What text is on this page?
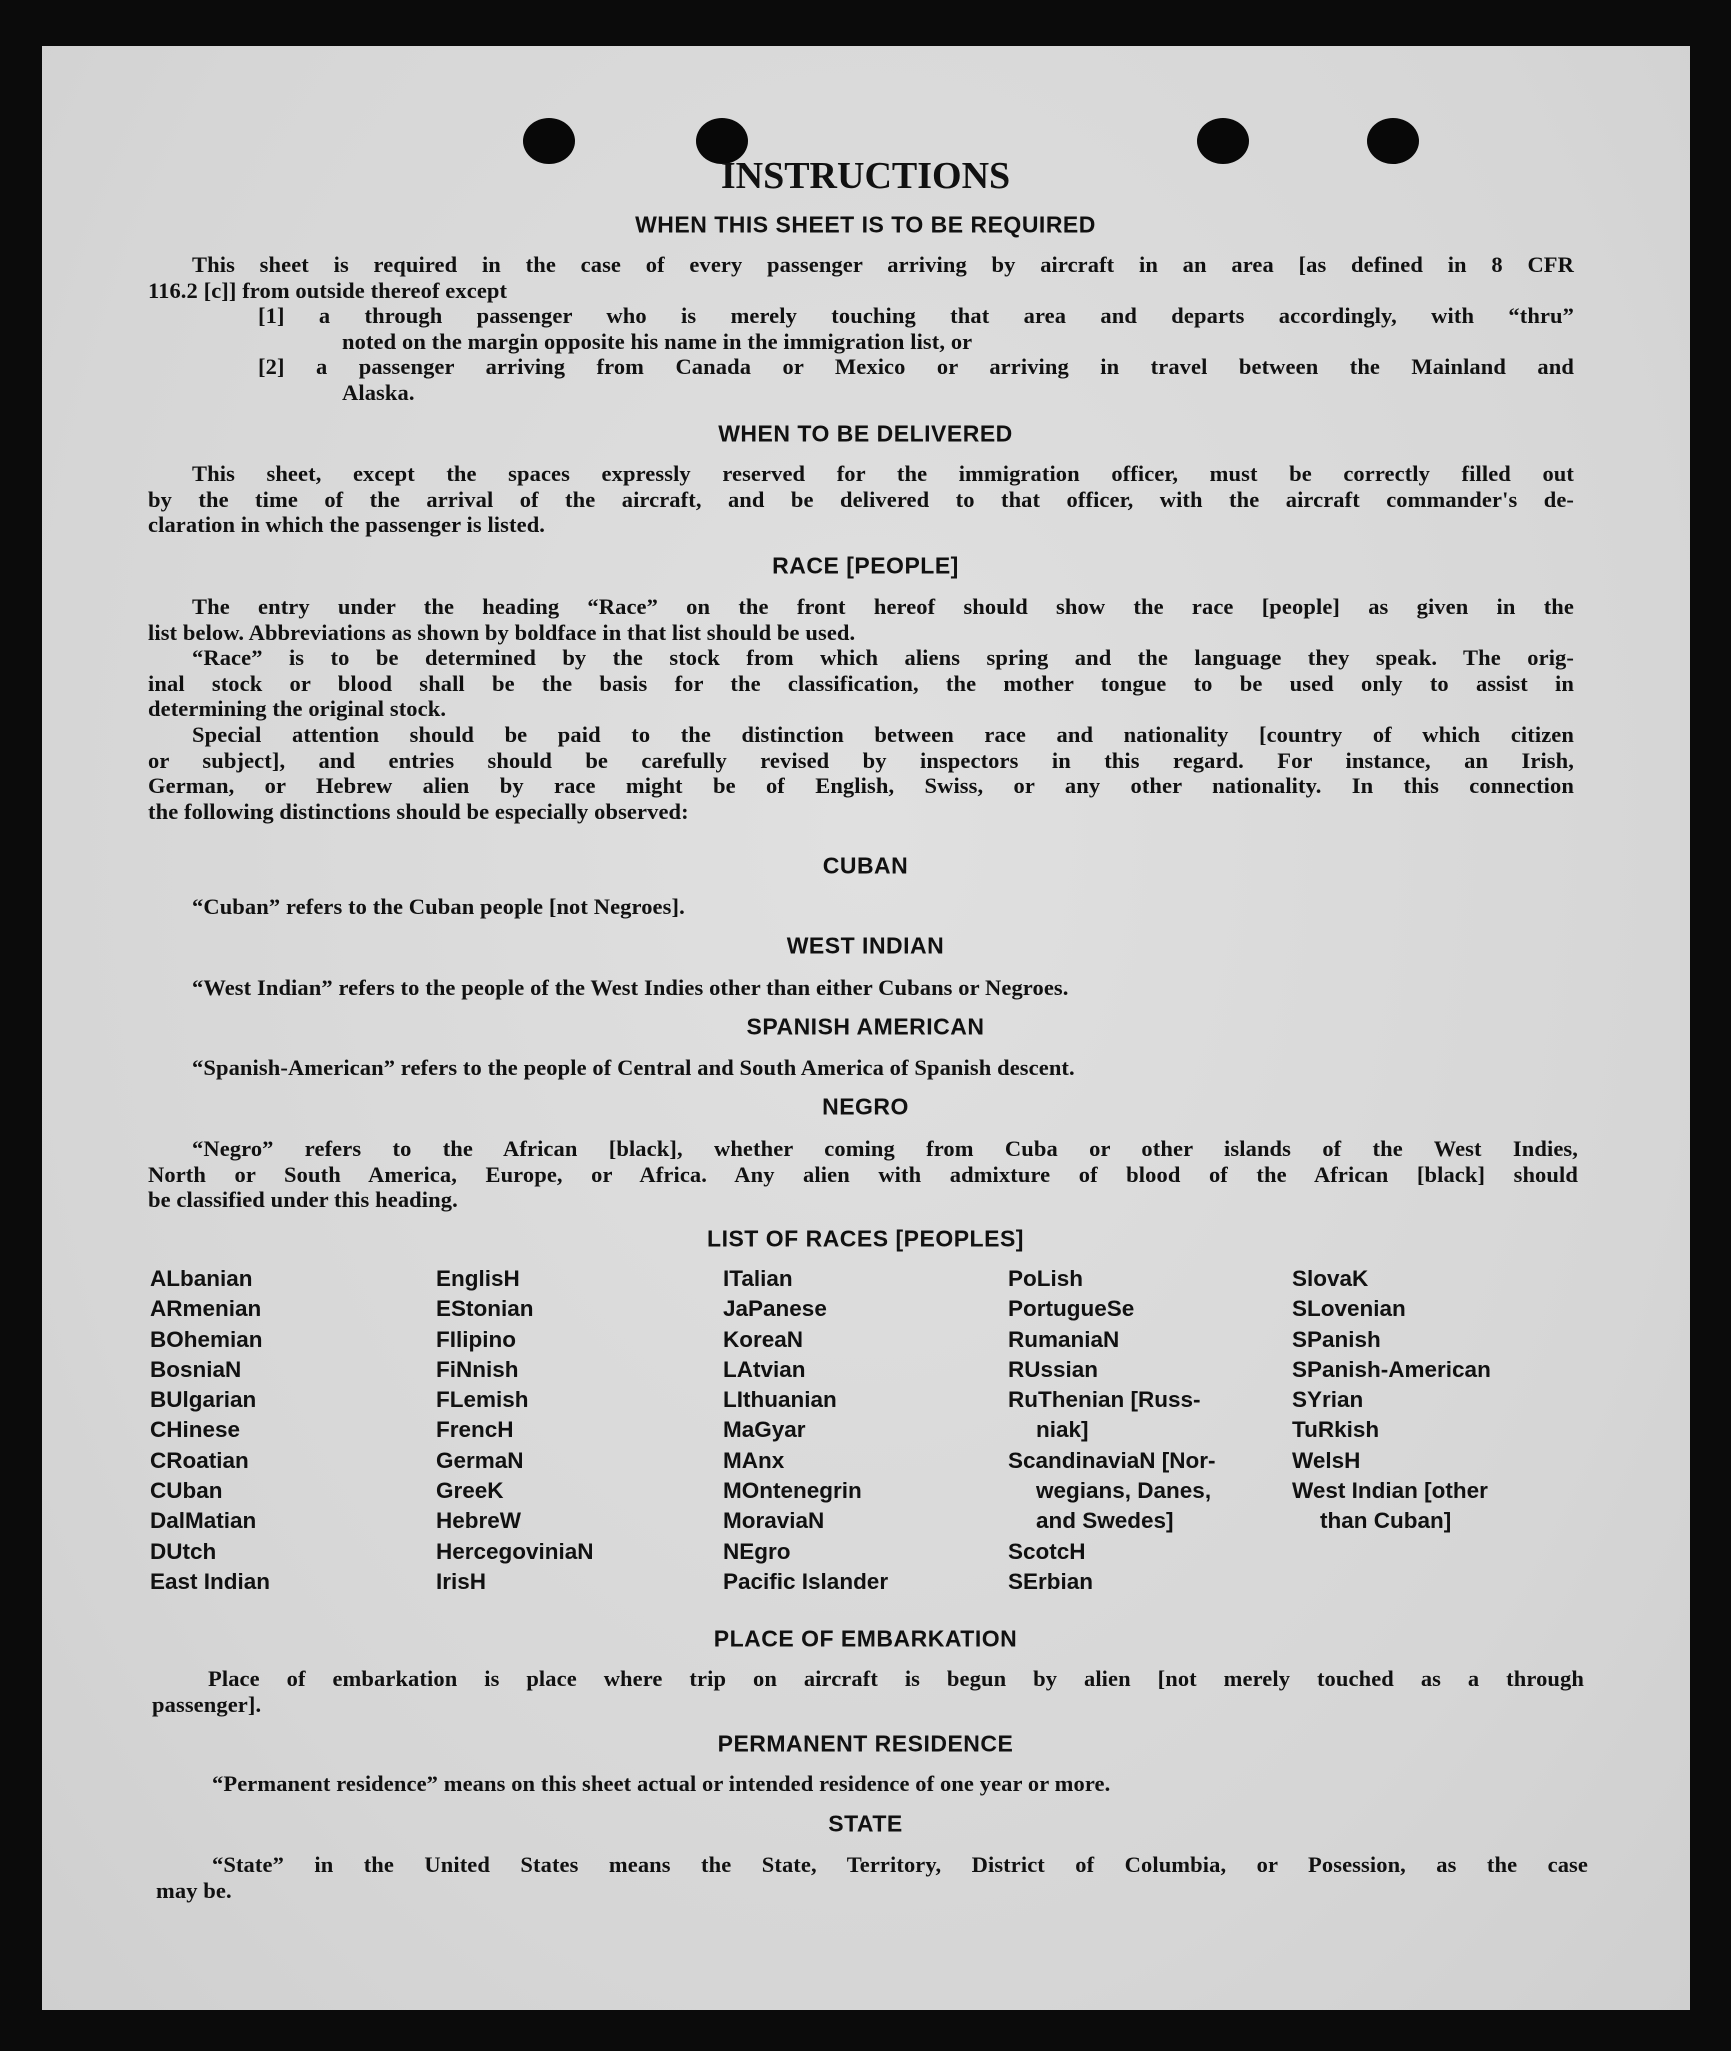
INSTRUCTIONS
WHEN THIS SHEET IS TO BE REQUIRED
This sheet is required in the case of every passenger arriving by aircraft in an area [as defined in 8 CFR
116.2 [c]] from outside thereof except
[1] a through passenger who is merely touching that area and departs accordingly, with “thru”
noted on the margin opposite his name in the immigration list, or
[2] a passenger arriving from Canada or Mexico or arriving in travel between the Mainland and
Alaska.
WHEN TO BE DELIVERED
This sheet, except the spaces expressly reserved for the immigration officer, must be correctly filled out
by the time of the arrival of the aircraft, and be delivered to that officer, with the aircraft commander's de-
claration in which the passenger is listed.
RACE [PEOPLE]
The entry under the heading “Race” on the front hereof should show the race [people] as given in the
list below. Abbreviations as shown by boldface in that list should be used.
“Race” is to be determined by the stock from which aliens spring and the language they speak. The orig-
inal stock or blood shall be the basis for the classification, the mother tongue to be used only to assist in
determining the original stock.
Special attention should be paid to the distinction between race and nationality [country of which citizen
or subject], and entries should be carefully revised by inspectors in this regard. For instance, an Irish,
German, or Hebrew alien by race might be of English, Swiss, or any other nationality. In this connection
the following distinctions should be especially observed:
CUBAN
“Cuban” refers to the Cuban people [not Negroes].
WEST INDIAN
“West Indian” refers to the people of the West Indies other than either Cubans or Negroes.
SPANISH AMERICAN
“Spanish-American” refers to the people of Central and South America of Spanish descent.
NEGRO
“Negro” refers to the African [black], whether coming from Cuba or other islands of the West Indies,
North or South America, Europe, or Africa. Any alien with admixture of blood of the African [black] should
be classified under this heading.
LIST OF RACES [PEOPLES]
ALbanian
ARmenian
BOhemian
BosniaN
BUlgarian
CHinese
CRoatian
CUban
DalMatian
DUtch
East Indian
EnglisH
EStonian
FIlipino
FiNnish
FLemish
FrencH
GermaN
GreeK
HebreW
HercegoviniaN
IrisH
ITalian
JaPanese
KoreaN
LAtvian
LIthuanian
MaGyar
MAnx
MOntenegrin
MoraviaN
NEgro
Pacific Islander
PoLish
PortugueSe
RumaniaN
RUssian
RuThenian [Russ-
niak]
ScandinaviaN [Nor-
wegians, Danes,
and Swedes]
ScotcH
SErbian
SlovaK
SLovenian
SPanish
SPanish-American
SYrian
TuRkish
WelsH
West Indian [other
than Cuban]
PLACE OF EMBARKATION
Place of embarkation is place where trip on aircraft is begun by alien [not merely touched as a through
passenger].
PERMANENT RESIDENCE
“Permanent residence” means on this sheet actual or intended residence of one year or more.
STATE
“State” in the United States means the State, Territory, District of Columbia, or Posession, as the case
may be.
